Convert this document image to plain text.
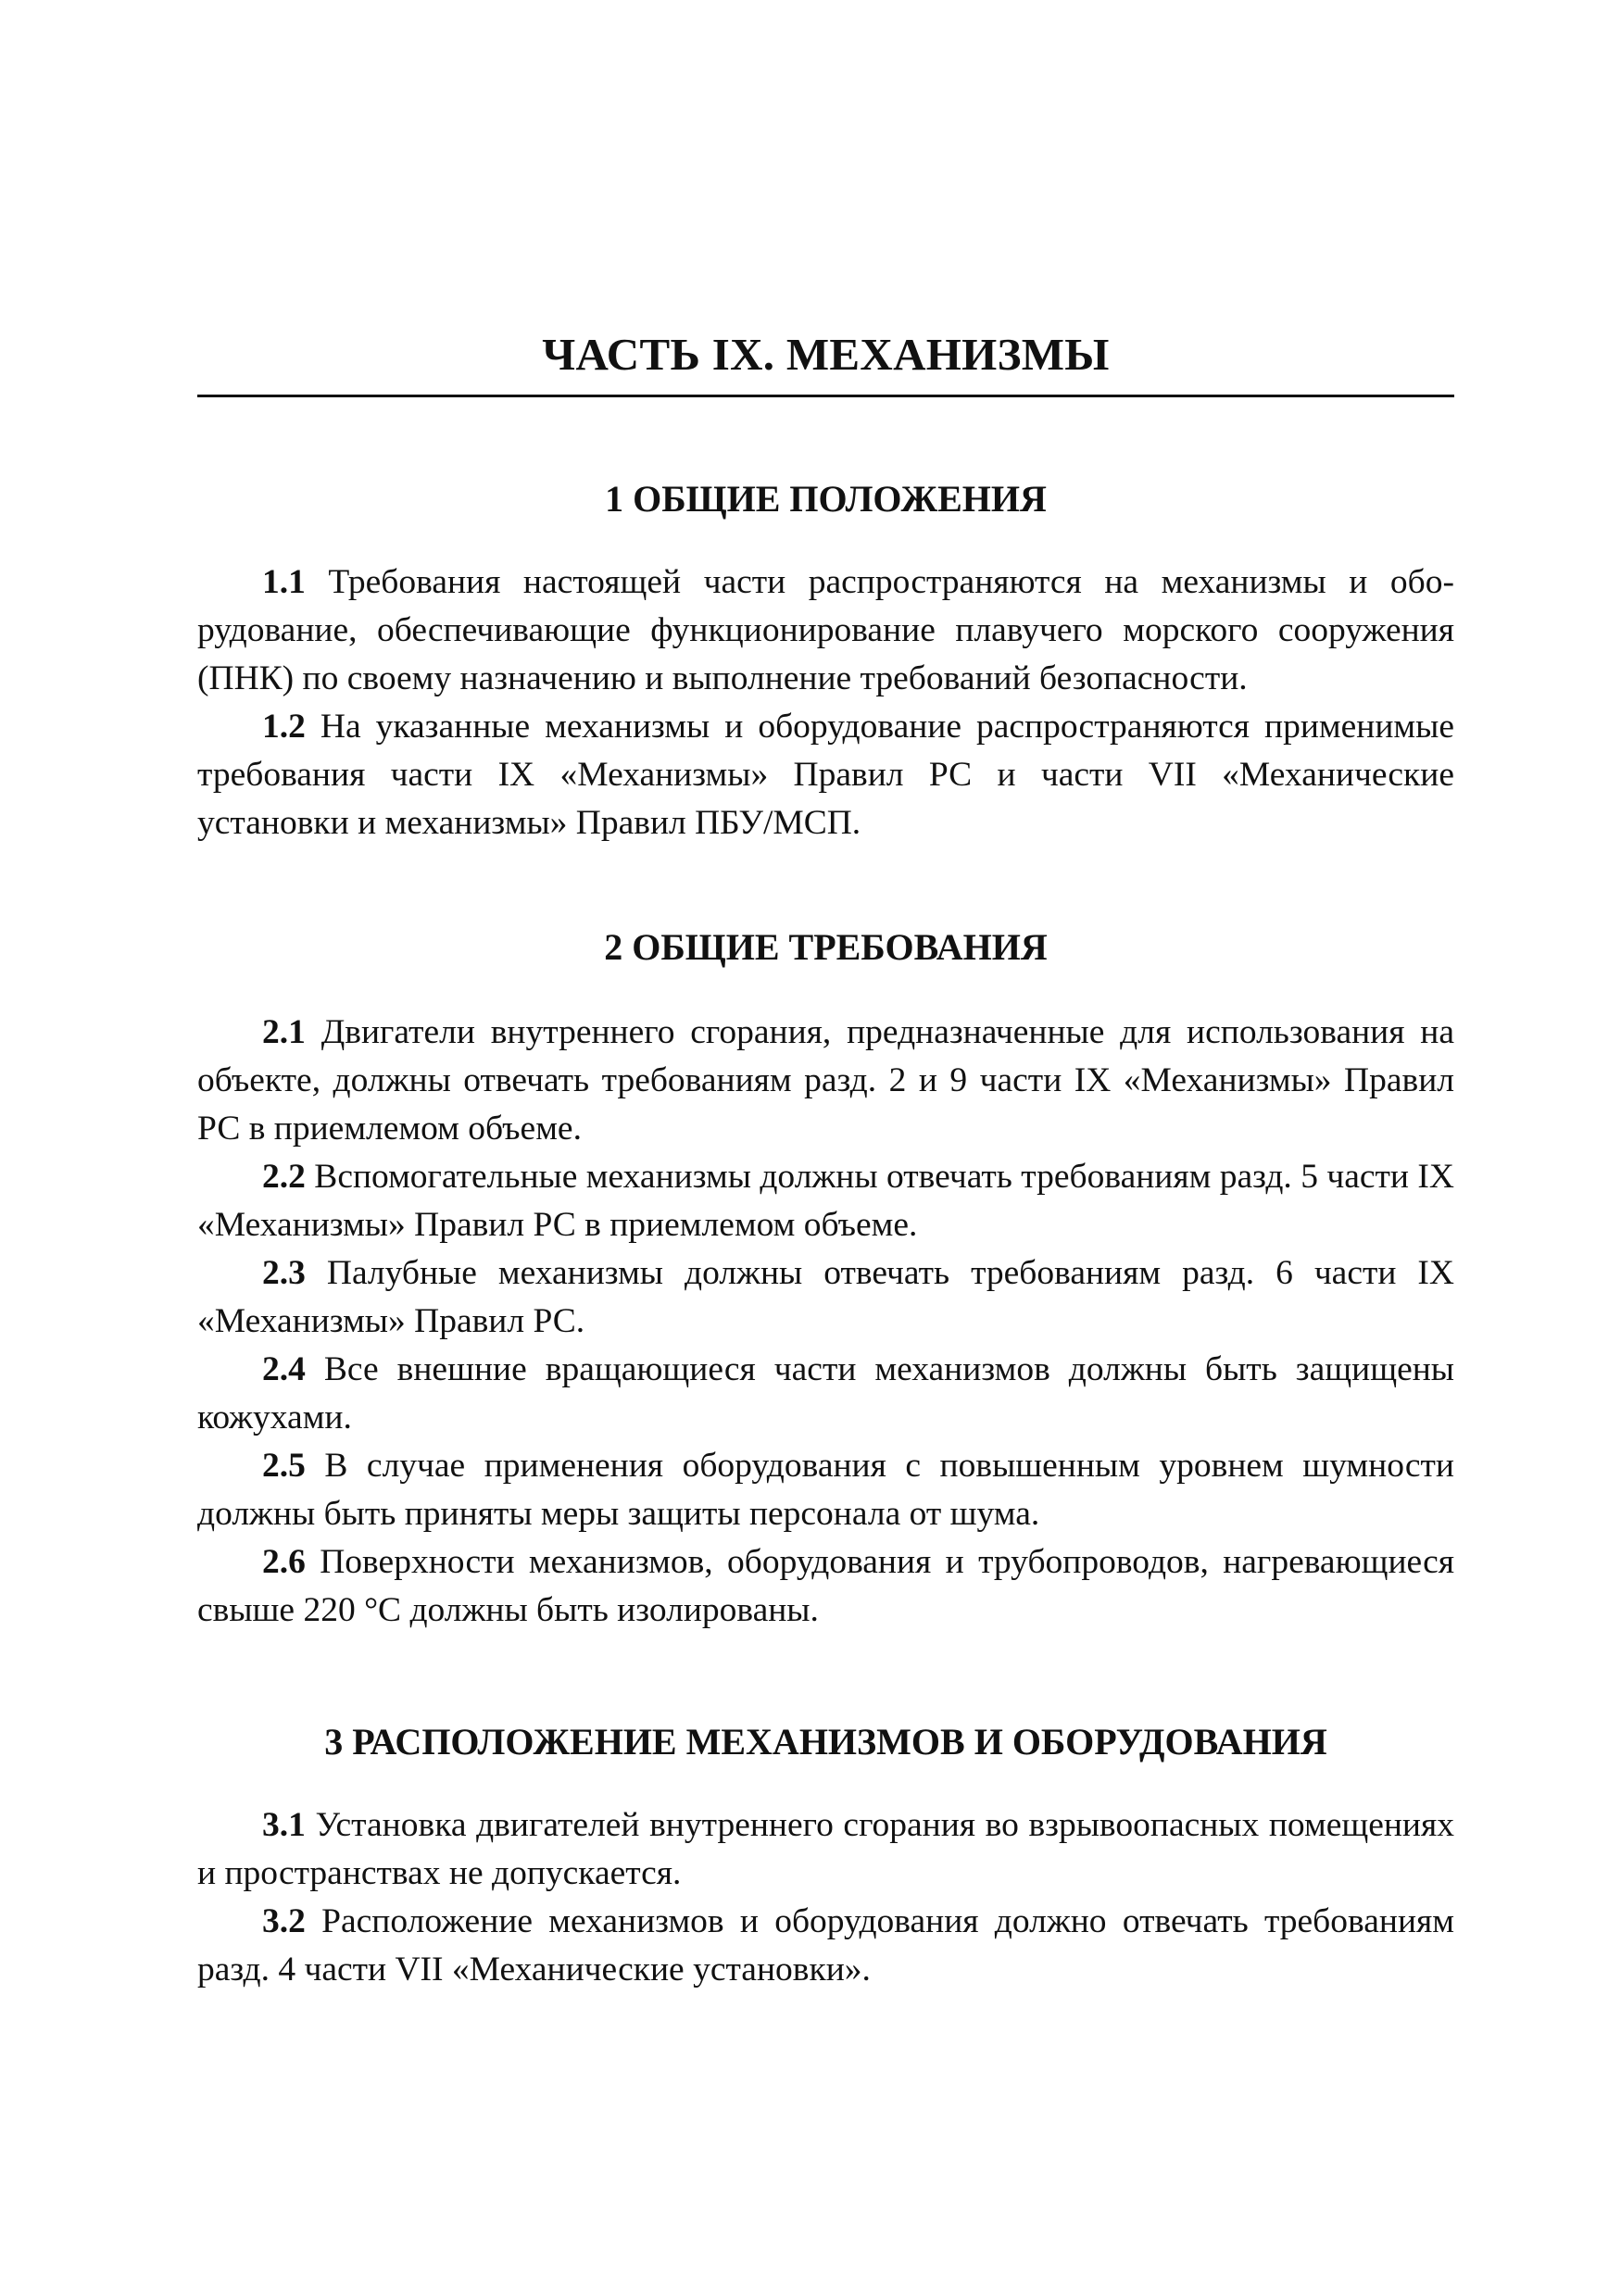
ЧАСТЬ IX. МЕХАНИЗМЫ
1 ОБЩИЕ ПОЛОЖЕНИЯ

1.1 Требования настоящей части распространяются на механизмы и оборудование, обеспечивающие функционирование плавучего морского сооружения (ПНК) по своему назначению и выполнение требований безопасности.

1.2 На указанные механизмы и оборудование распространяются применимые требования части IX «Механизмы» Правил РС и части VII «Механические установки и механизмы» Правил ПБУ/МСП.

2 ОБЩИЕ ТРЕБОВАНИЯ

2.1 Двигатели внутреннего сгорания, предназначенные для использования на объекте, должны отвечать требованиям разд. 2 и 9 части IX «Механизмы» Правил РС в приемлемом объеме.

2.2 Вспомогательные механизмы должны отвечать требованиям разд. 5 части IX «Механизмы» Правил РС в приемлемом объеме.

2.3 Палубные механизмы должны отвечать требованиям разд. 6 части IX «Механизмы» Правил РС.

2.4 Все внешние вращающиеся части механизмов должны быть защищены кожухами.

2.5 В случае применения оборудования с повышенным уровнем шумности должны быть приняты меры защиты персонала от шума.

2.6 Поверхности механизмов, оборудования и трубопроводов, нагревающиеся свыше 220 °С должны быть изолированы.

3 РАСПОЛОЖЕНИЕ МЕХАНИЗМОВ И ОБОРУДОВАНИЯ

3.1 Установка двигателей внутреннего сгорания во взрывоопасных помещениях и пространствах не допускается.

3.2 Расположение механизмов и оборудования должно отвечать требованиям разд. 4 части VII «Механические установки».
